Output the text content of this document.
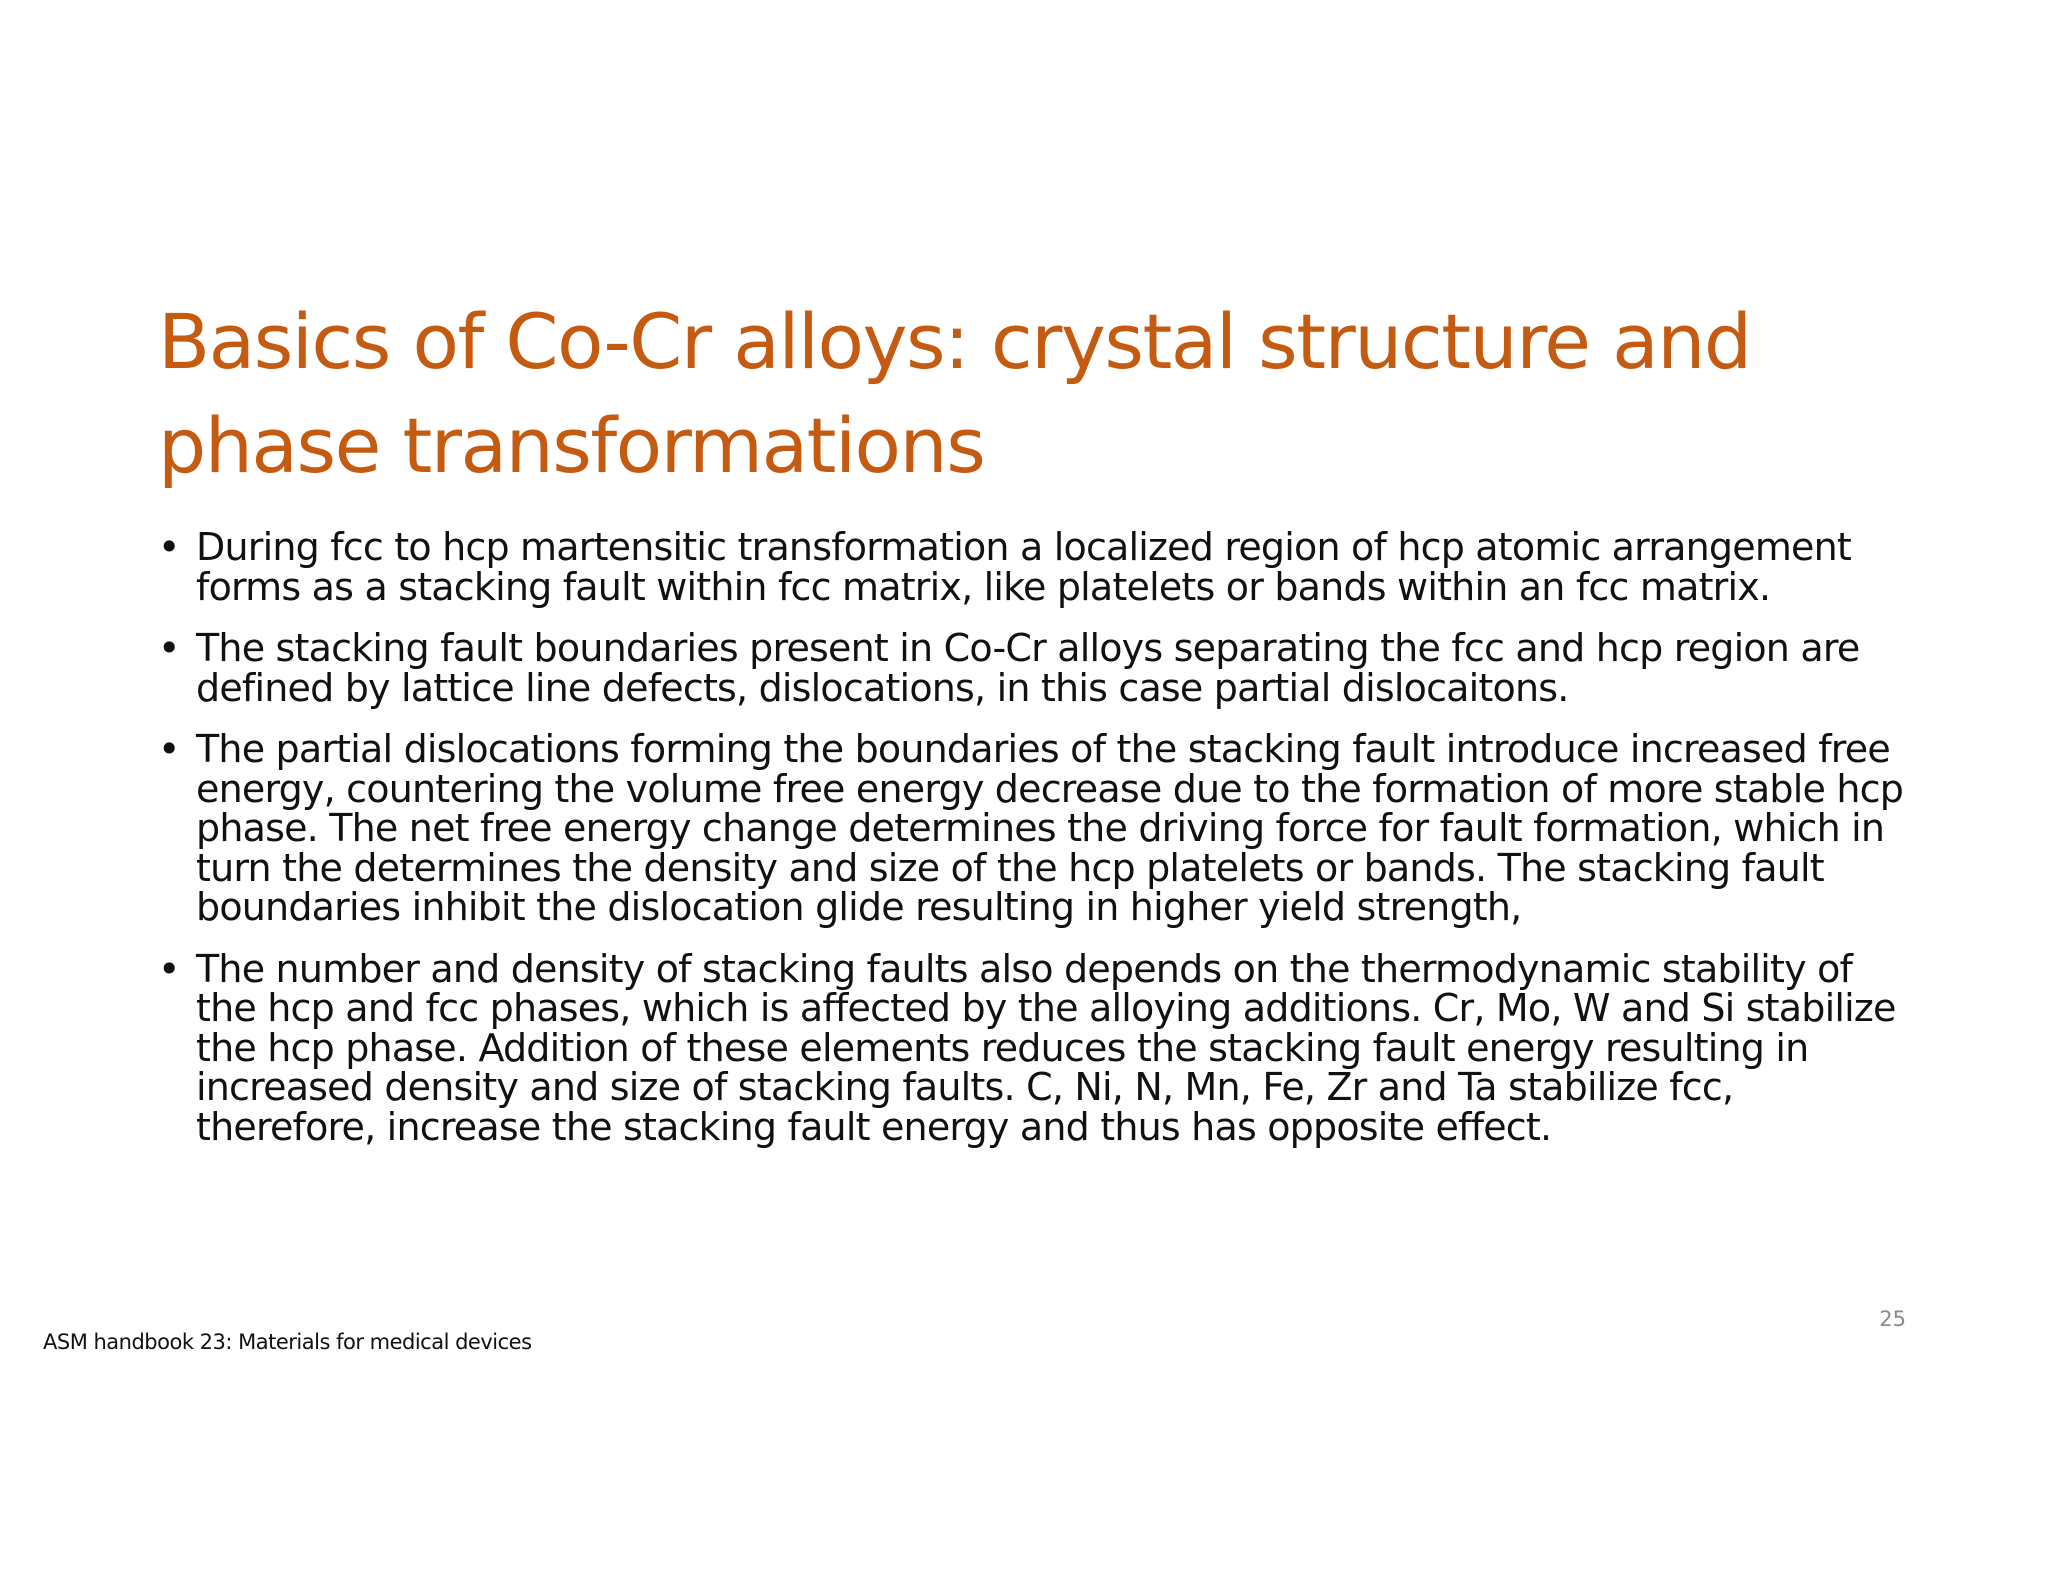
Basics of Co-Cr alloys: crystal structure and phase transformations
• During fcc to hcp martensitic transformation a localized region of hcp atomic arrangement forms as a stacking fault within fcc matrix, like platelets or bands within an fcc matrix.
• The stacking fault boundaries present in Co-Cr alloys separating the fcc and hcp region are defined by lattice line defects, dislocations, in this case partial dislocaitons.
• The partial dislocations forming the boundaries of the stacking fault introduce increased free energy, countering the volume free energy decrease due to the formation of more stable hcp phase. The net free energy change determines the driving force for fault formation, which in turn the determines the density and size of the hcp platelets or bands. The stacking fault boundaries inhibit the dislocation glide resulting in higher yield strength,
• The number and density of stacking faults also depends on the thermodynamic stability of the hcp and fcc phases, which is affected by the alloying additions. Cr, Mo, W and Si stabilize the hcp phase. Addition of these elements reduces the stacking fault energy resulting in increased density and size of stacking faults. C, Ni, N, Mn, Fe, Zr and Ta stabilize fcc, therefore, increase the stacking fault energy and thus has opposite effect.
25
ASM handbook 23: Materials for medical devices
